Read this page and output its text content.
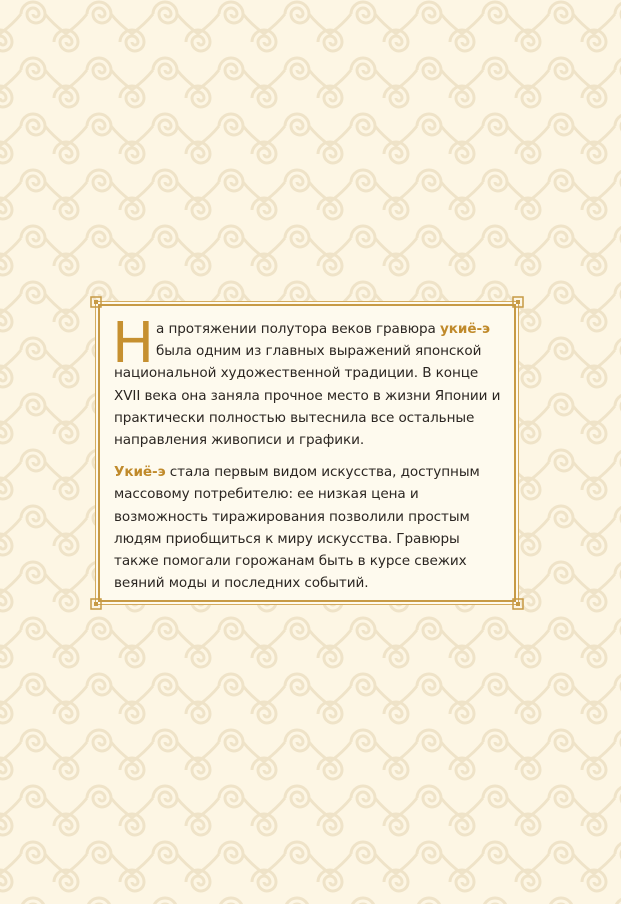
На протяжении полутора веков гравюра укиё-э была одним из главных выражений японской национальной художественной традиции. В конце XVII века она заняла прочное место в жизни Японии и практически полностью вытеснила все остальные направления живописи и графики.

Укиё-э стала первым видом искусства, доступным массовому потребителю: ее низкая цена и возможность тиражирования позволили простым людям приобщиться к миру искусства. Гравюры также помогали горожанам быть в курсе свежих веяний моды и последних событий.
